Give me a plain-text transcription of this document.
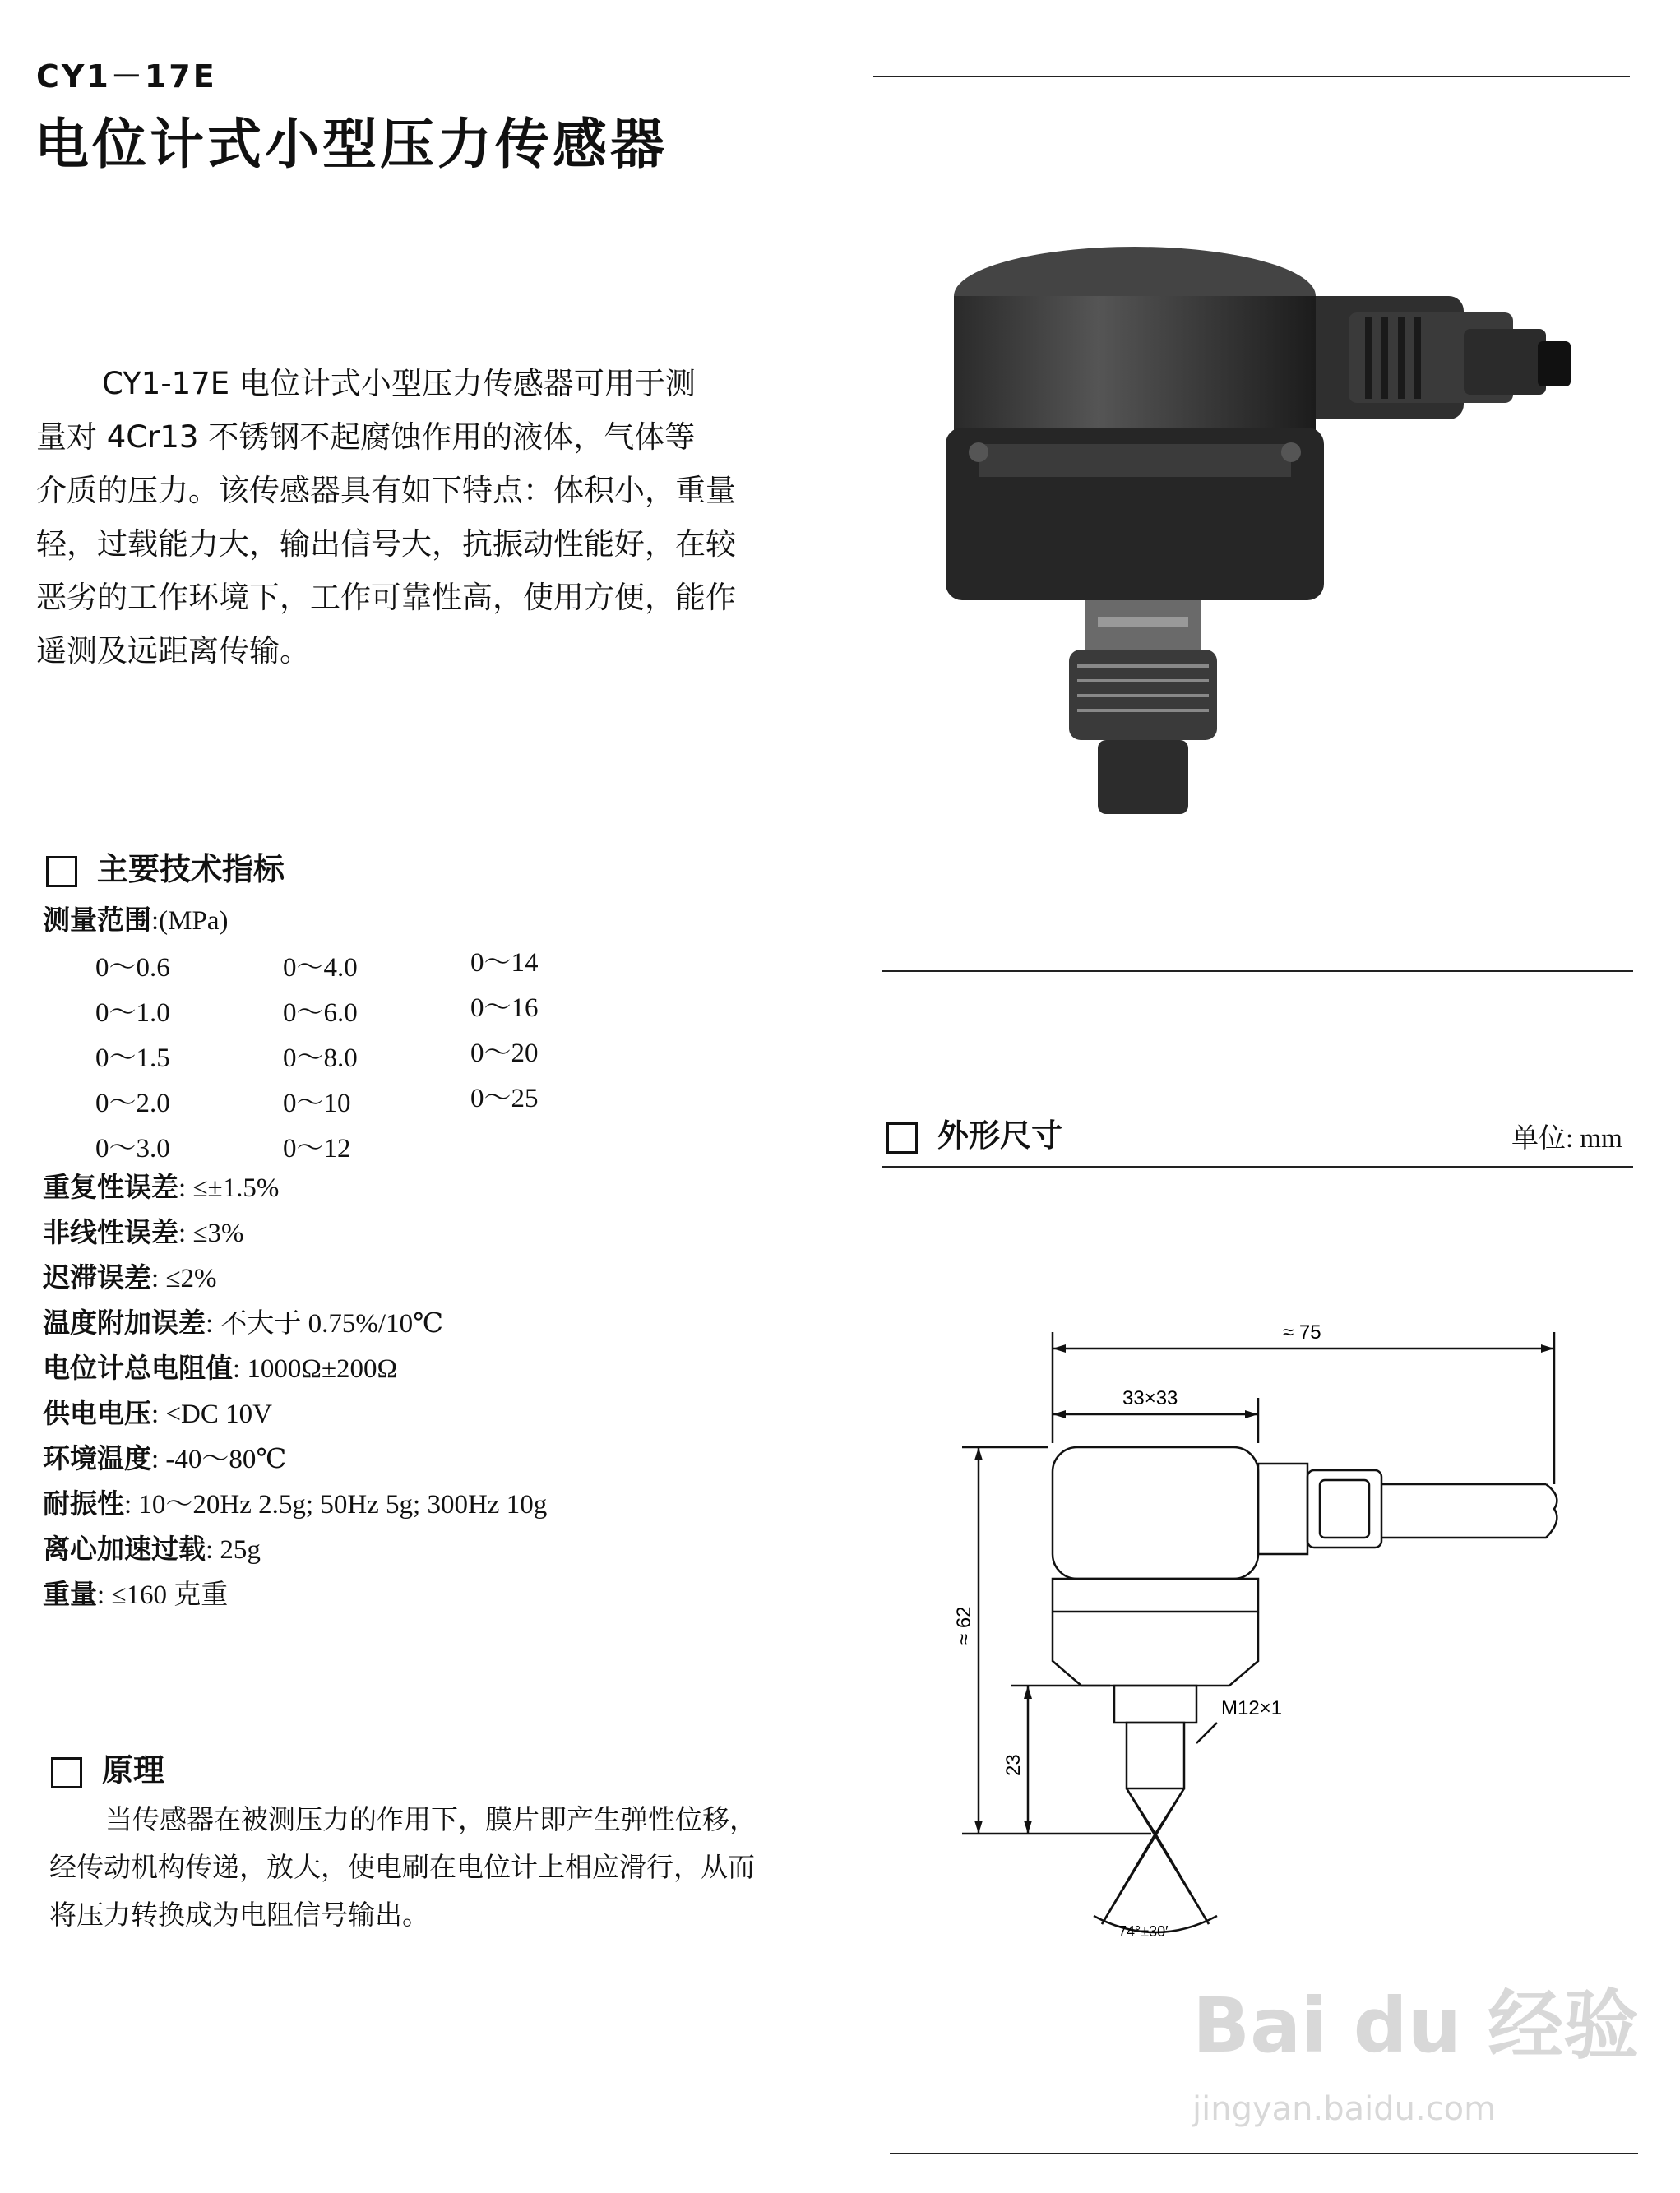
CY1－17E
电位计式小型压力传感器
CY1-17E 电位计式小型压力传感器可用于测
量对 4Cr13 不锈钢不起腐蚀作用的液体，气体等
介质的压力。该传感器具有如下特点：体积小，重量
轻，过载能力大，输出信号大，抗振动性能好，在较
恶劣的工作环境下，工作可靠性高，使用方便，能作
遥测及远距离传输。
主要技术指标
测量范围:(MPa)
0～0.6
0～1.0
0～1.5
0～2.0
0～3.0
0～4.0
0～6.0
0～8.0
0～10
0～12
0～14
0～16
0～20
0～25
重复性误差: ≤±1.5%
非线性误差: ≤3%
迟滞误差: ≤2%
温度附加误差: 不大于 0.75%/10℃
电位计总电阻值: 1000Ω±200Ω
供电电压: <DC 10V
环境温度: -40～80℃
耐振性: 10～20Hz 2.5g; 50Hz 5g; 300Hz 10g
离心加速过载: 25g
重量: ≤160 克重
原理
当传感器在被测压力的作用下，膜片即产生弹性位移，
经传动机构传递，放大，使电刷在电位计上相应滑行，从而
将压力转换成为电阻信号输出。
外形尺寸	单位: mm
≈ 75
33×33
≈ 62
23
M12×1
74°±30′
Bai du 经验
jingyan.baidu.com
